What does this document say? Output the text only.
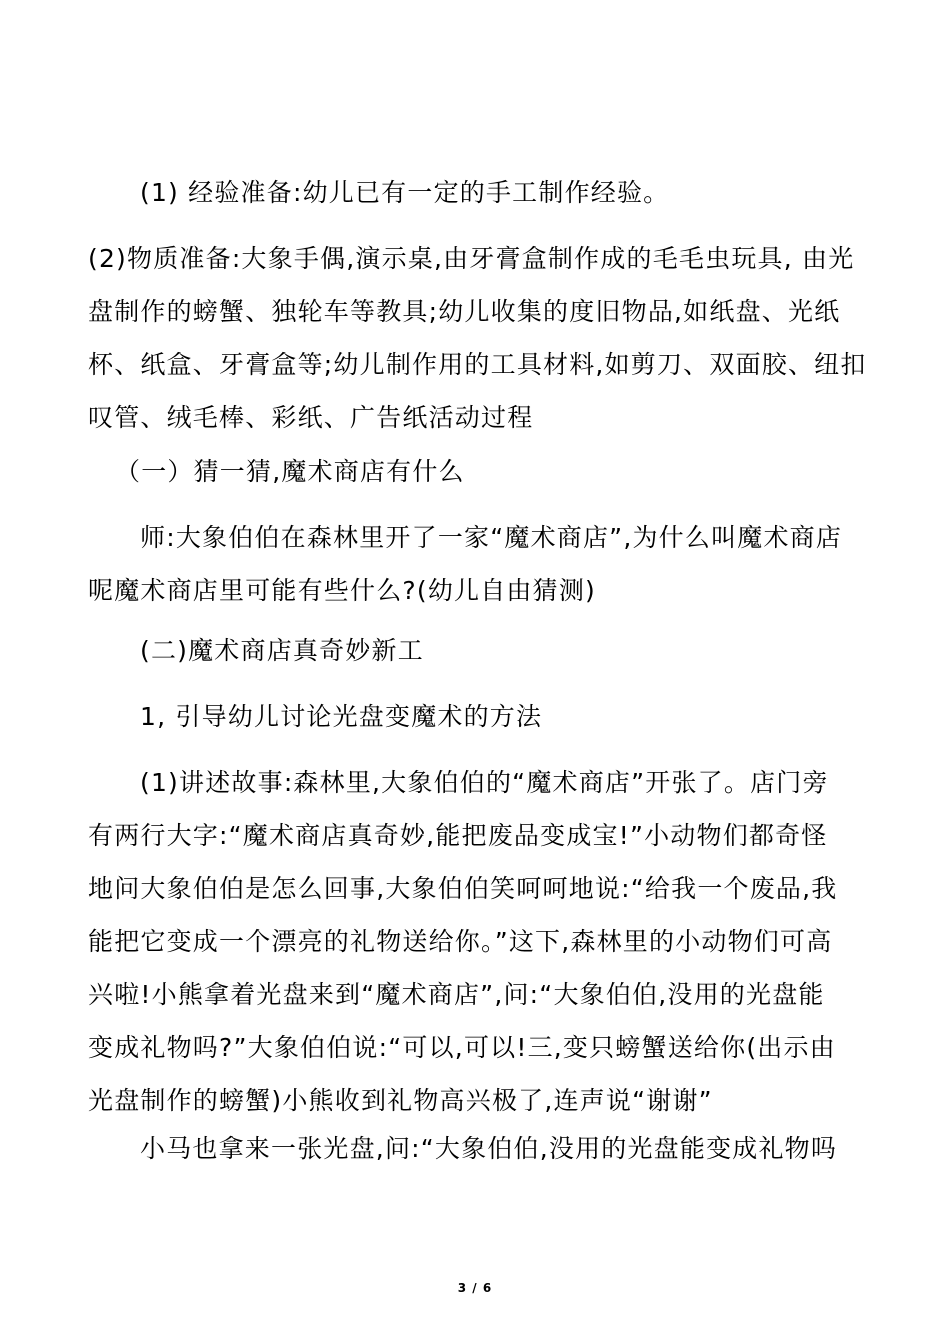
(1) 经验准备:幼儿已有一定的手工制作经验。
(2)物质准备:大象手偶,演示桌,由牙膏盒制作成的毛毛虫玩具, 由光
盘制作的螃蟹、独轮车等教具;幼儿收集的度旧物品,如纸盘、光纸
杯、纸盒、牙膏盒等;幼儿制作用的工具材料,如剪刀、双面胶、纽扣
叹管、绒毛棒、彩纸、广告纸活动过程
（一）猜一猜,魔术商店有什么
师:大象伯伯在森林里开了一家“魔术商店”,为什么叫魔术商店
呢魔术商店里可能有些什么?(幼儿自由猜测)
(二)魔术商店真奇妙新工
1, 引导幼儿讨论光盘变魔术的方法
(1)讲述故事:森林里,大象伯伯的“魔术商店”开张了。店门旁
有两行大字:“魔术商店真奇妙,能把废品变成宝!”小动物们都奇怪
地问大象伯伯是怎么回事,大象伯伯笑呵呵地说:“给我一个废品,我
能把它变成一个漂亮的礼物送给你。”这下,森林里的小动物们可高
兴啦!小熊拿着光盘来到“魔术商店”,问:“大象伯伯,没用的光盘能
变成礼物吗?”大象伯伯说:“可以,可以!三,变只螃蟹送给你(出示由
光盘制作的螃蟹)小熊收到礼物高兴极了,连声说“谢谢”
小马也拿来一张光盘,问:“大象伯伯,没用的光盘能变成礼物吗
3 / 6
